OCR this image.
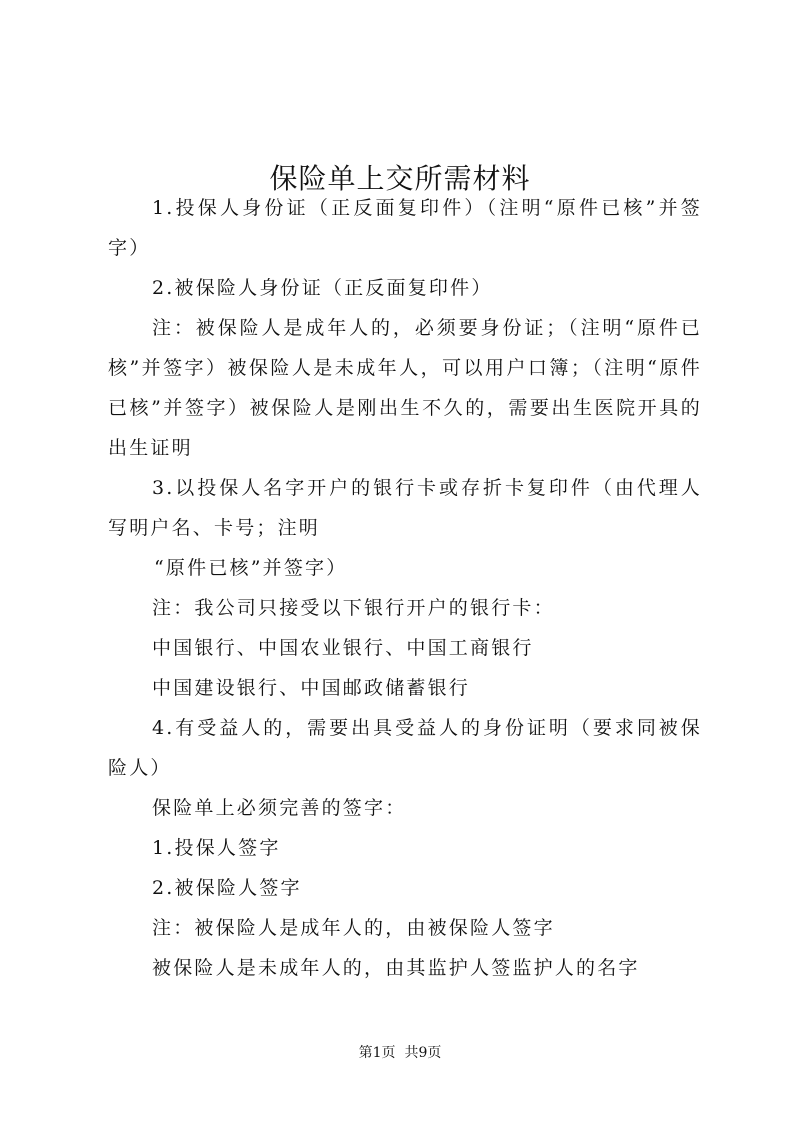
保险单上交所需材料

1.投保人身份证（正反面复印件）（注明“原件已核”并签字）

2.被保险人身份证（正反面复印件）

注：被保险人是成年人的，必须要身份证；（注明“原件已核”并签字）被保险人是未成年人，可以用户口簿；（注明“原件已核”并签字）被保险人是刚出生不久的，需要出生医院开具的出生证明

3.以投保人名字开户的银行卡或存折卡复印件（由代理人写明户名、卡号；注明

“原件已核”并签字）

注：我公司只接受以下银行开户的银行卡：

中国银行、中国农业银行、中国工商银行

中国建设银行、中国邮政储蓄银行

4.有受益人的，需要出具受益人的身份证明（要求同被保险人）

保险单上必须完善的签字：

1.投保人签字

2.被保险人签字

注：被保险人是成年人的，由被保险人签字

被保险人是未成年人的，由其监护人签监护人的名字

第1页 共9页
